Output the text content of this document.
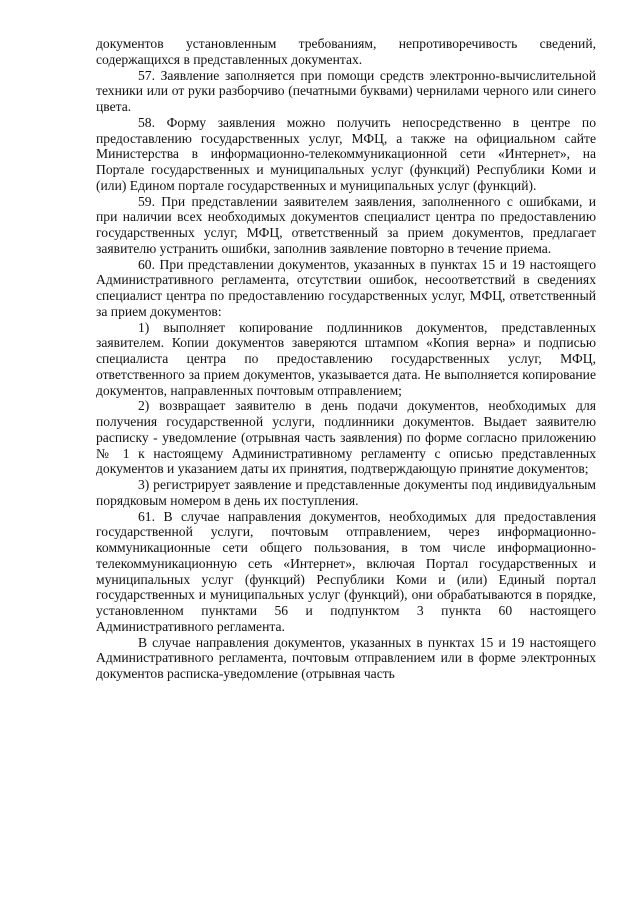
документов установленным требованиям, непротиворечивость сведений, содержащихся в представленных документах.

57. Заявление заполняется при помощи средств электронно-вычислительной техники или от руки разборчиво (печатными буквами) чернилами черного или синего цвета.

58. Форму заявления можно получить непосредственно в центре по предоставлению государственных услуг, МФЦ, а также на официальном сайте Министерства в информационно-телекоммуникационной сети «Интернет», на Портале государственных и муниципальных услуг (функций) Республики Коми и (или) Едином портале государственных и муниципальных услуг (функций).

59. При представлении заявителем заявления, заполненного с ошибками, и при наличии всех необходимых документов специалист центра по предоставлению государственных услуг, МФЦ, ответственный за прием документов, предлагает заявителю устранить ошибки, заполнив заявление повторно в течение приема.

60. При представлении документов, указанных в пунктах 15 и 19 настоящего Административного регламента, отсутствии ошибок, несоответствий в сведениях специалист центра по предоставлению государственных услуг, МФЦ, ответственный за прием документов:

1) выполняет копирование подлинников документов, представленных заявителем. Копии документов заверяются штампом «Копия верна» и подписью специалиста центра по предоставлению государственных услуг, МФЦ, ответственного за прием документов, указывается дата. Не выполняется копирование документов, направленных почтовым отправлением;

2) возвращает заявителю в день подачи документов, необходимых для получения государственной услуги, подлинники документов. Выдает заявителю расписку - уведомление (отрывная часть заявления) по форме согласно приложению № 1 к настоящему Административному регламенту с описью представленных документов и указанием даты их принятия, подтверждающую принятие документов;

3) регистрирует заявление и представленные документы под индивидуальным порядковым номером в день их поступления.

61. В случае направления документов, необходимых для предоставления государственной услуги, почтовым отправлением, через информационно-коммуникационные сети общего пользования, в том числе информационно-телекоммуникационную сеть «Интернет», включая Портал государственных и муниципальных услуг (функций) Республики Коми и (или) Единый портал государственных и муниципальных услуг (функций), они обрабатываются в порядке, установленном пунктами 56 и подпунктом 3 пункта 60 настоящего Административного регламента.

В случае направления документов, указанных в пунктах 15 и 19 настоящего Административного регламента, почтовым отправлением или в форме электронных документов расписка-уведомление (отрывная часть
